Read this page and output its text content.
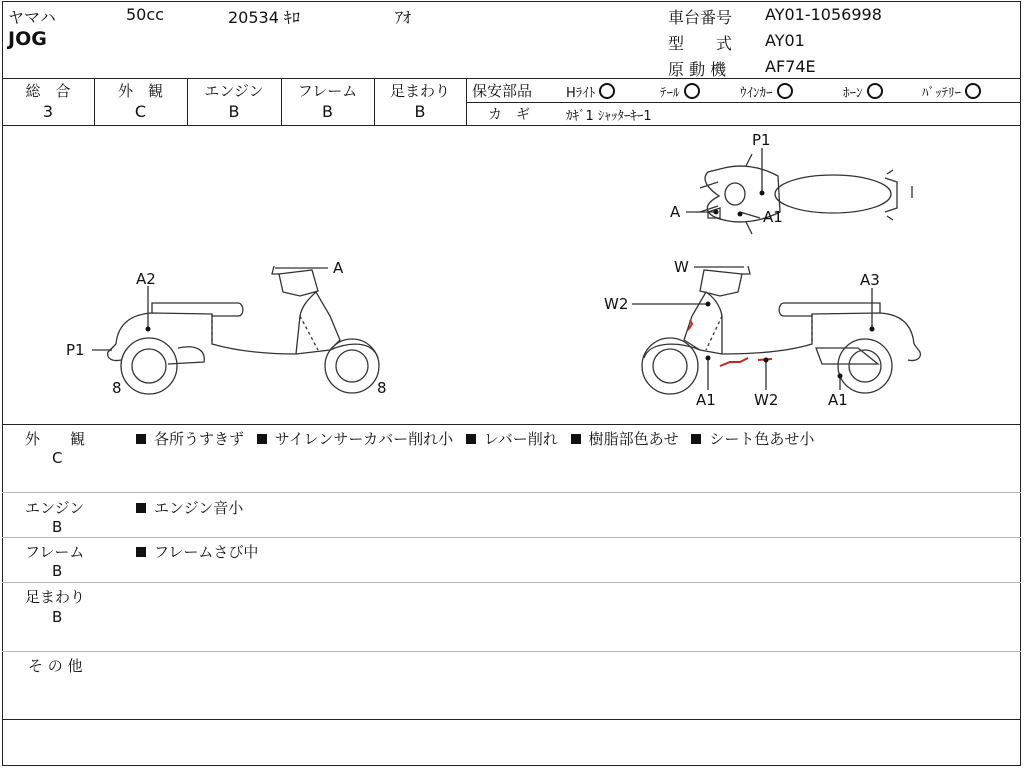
ヤマハ	50cc	20534 ｷﾛ	ｱｵ
JOG
車台番号 AY01-1056998
型　　式 AY01
原 動 機 AF74E
総　合
3
外　観
C
エンジン
B
フレーム
B
足まわり
B
保安部品	Hﾗｲﾄ	ﾃｰﾙ	ｳｲﾝｶｰ	ﾎｰﾝ	ﾊﾞｯﾃﾘｰ
カ　ギ	ｶｷﾞ1 ｼｬｯﾀｰｷｰ1
A
A2
P1
8	8
P1
A	A1
W
W2
A3
A1	W2	A1
外　　観
C
各所うすきず サイレンサーカバー削れ小 レバー削れ 樹脂部色あせ シート色あせ小
エンジン
B
エンジン音小
フレーム
B
フレームさび中
足まわり
B
そ の 他
